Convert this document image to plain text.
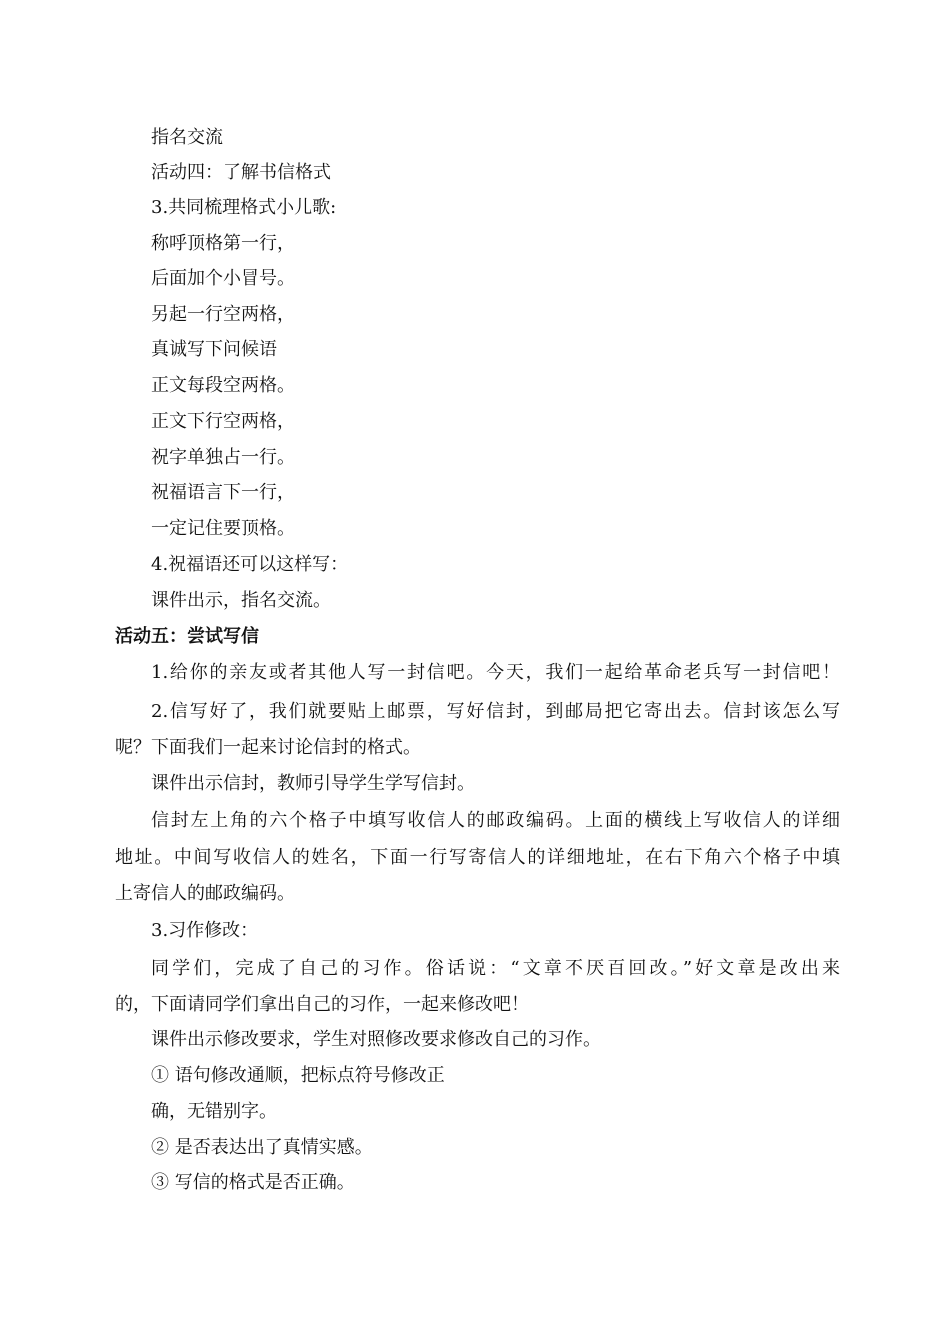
指名交流
活动四：了解书信格式
3.共同梳理格式小儿歌:
称呼顶格第一行，
后面加个小冒号。
另起一行空两格，
真诚写下问候语
正文每段空两格。
正文下行空两格，
祝字单独占一行。
祝福语言下一行，
一定记住要顶格。
4.祝福语还可以这样写：
课件出示，指名交流。
活动五：尝试写信
1.给你的亲友或者其他人写一封信吧。今天，我们一起给革命老兵写一封信吧！
2.信写好了，我们就要贴上邮票，写好信封，到邮局把它寄出去。信封该怎么写
呢？下面我们一起来讨论信封的格式。
课件出示信封，教师引导学生学写信封。
信封左上角的六个格子中填写收信人的邮政编码。上面的横线上写收信人的详细
地址。中间写收信人的姓名，下面一行写寄信人的详细地址，在右下角六个格子中填
上寄信人的邮政编码。
3.习作修改：
同学们，完成了自己的习作。俗话说：“文章不厌百回改。”好文章是改出来
的，下面请同学们拿出自己的习作，一起来修改吧！
课件出示修改要求，学生对照修改要求修改自己的习作。
① 语句修改通顺，把标点符号修改正
确，无错别字。
② 是否表达出了真情实感。
③ 写信的格式是否正确。
